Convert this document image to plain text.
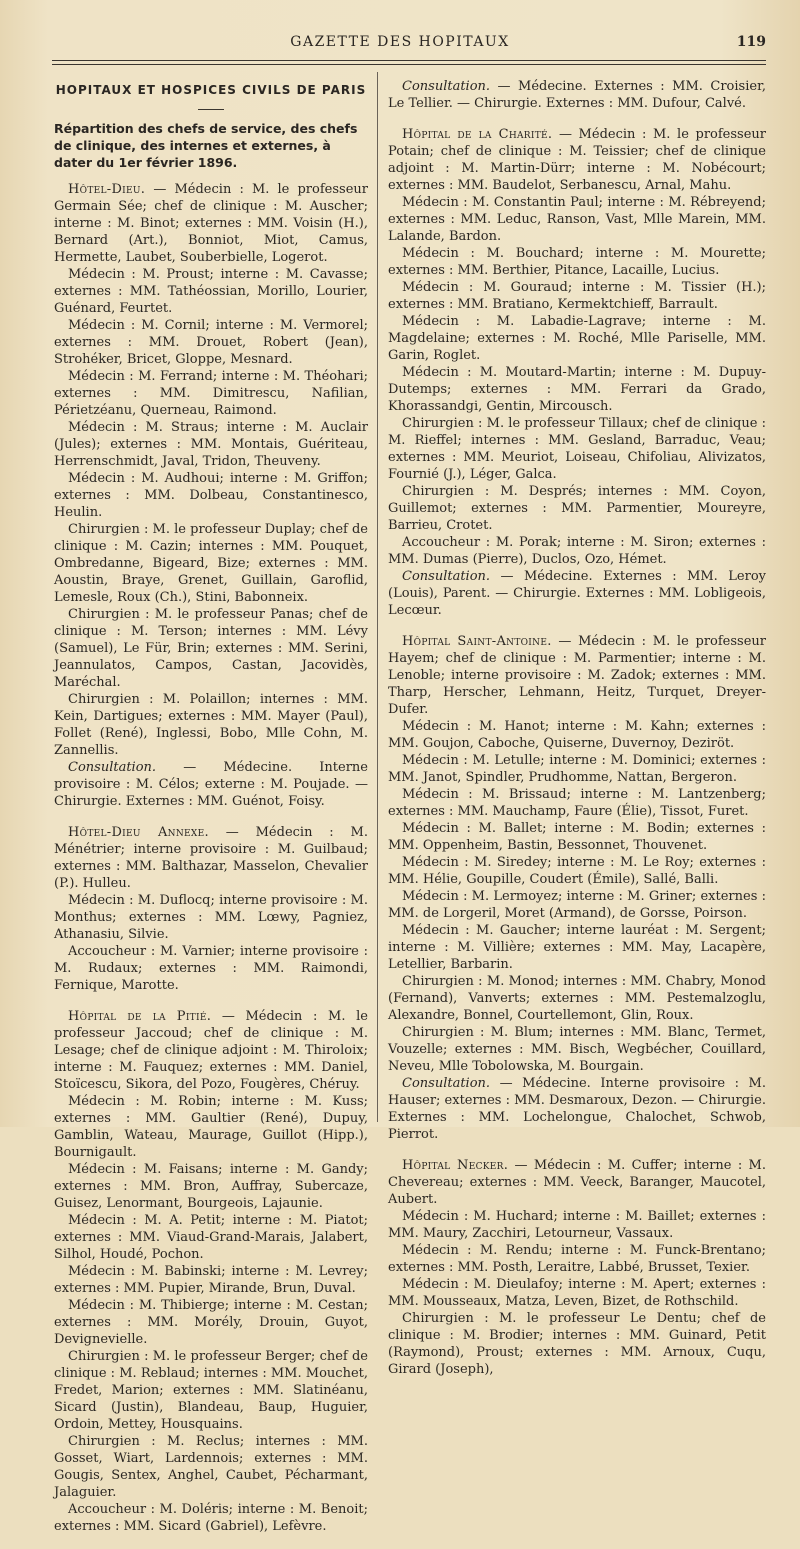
GAZETTE DES HOPITAUX	119
HOPITAUX ET HOSPICES CIVILS DE PARIS
Répartition des chefs de service, des chefs de clinique, des internes et externes, à dater du 1er février 1896.

Hôtel-Dieu. — Médecin : M. le professeur Germain Sée; chef de clinique : M. Auscher; interne : M. Binot; externes : MM. Voisin (H.), Bernard (Art.), Bonniot, Miot, Camus, Hermette, Laubet, Souberbielle, Logerot.

Médecin : M. Proust; interne : M. Cavasse; externes : MM. Tathéossian, Morillo, Lourier, Guénard, Feurtet.

Médecin : M. Cornil; interne : M. Vermorel; externes : MM. Drouet, Robert (Jean), Strohéker, Bricet, Gloppe, Mesnard.

Médecin : M. Ferrand; interne : M. Théohari; externes : MM. Dimitrescu, Nafilian, Périetzéanu, Querneau, Raimond.

Médecin : M. Straus; interne : M. Auclair (Jules); externes : MM. Montais, Guériteau, Herrenschmidt, Javal, Tridon, Theuveny.

Médecin : M. Audhoui; interne : M. Griffon; externes : MM. Dolbeau, Constantinesco, Heulin.

Chirurgien : M. le professeur Duplay; chef de clinique : M. Cazin; internes : MM. Pouquet, Ombredanne, Bigeard, Bize; externes : MM. Aoustin, Braye, Grenet, Guillain, Garoflid, Lemesle, Roux (Ch.), Stini, Babonneix.

Chirurgien : M. le professeur Panas; chef de clinique : M. Terson; internes : MM. Lévy (Samuel), Le Für, Brin; externes : MM. Serini, Jeannulatos, Campos, Castan, Jacovidès, Maréchal.

Chirurgien : M. Polaillon; internes : MM. Kein, Dartigues; externes : MM. Mayer (Paul), Follet (René), Inglessi, Bobo, Mlle Cohn, M. Zannellis.

Consultation. — Médecine. Interne provisoire : M. Célos; externe : M. Poujade. — Chirurgie. Externes : MM. Guénot, Foisy.

Hôtel-Dieu Annexe. — Médecin : M. Ménétrier; interne provisoire : M. Guilbaud; externes : MM. Balthazar, Masselon, Chevalier (P.). Hulleu.

Médecin : M. Duflocq; interne provisoire : M. Monthus; externes : MM. Lœwy, Pagniez, Athanasiu, Silvie.

Accoucheur : M. Varnier; interne provisoire : M. Rudaux; externes : MM. Raimondi, Fernique, Marotte.

Hôpital de la Pitié. — Médecin : M. le professeur Jaccoud; chef de clinique : M. Lesage; chef de clinique adjoint : M. Thiroloix; interne : M. Fauquez; externes : MM. Daniel, Stoïcescu, Sikora, del Pozo, Fougères, Chéruy.

Médecin : M. Robin; interne : M. Kuss; externes : MM. Gaultier (René), Dupuy, Gamblin, Wateau, Maurage, Guillot (Hipp.), Bournigault.

Médecin : M. Faisans; interne : M. Gandy; externes : MM. Bron, Auffray, Subercaze, Guisez, Lenormant, Bourgeois, Lajaunie.

Médecin : M. A. Petit; interne : M. Piatot; externes : MM. Viaud-Grand-Marais, Jalabert, Silhol, Houdé, Pochon.

Médecin : M. Babinski; interne : M. Levrey; externes : MM. Pupier, Mirande, Brun, Duval.

Médecin : M. Thibierge; interne : M. Cestan; externes : MM. Morély, Drouin, Guyot, Devignevielle.

Chirurgien : M. le professeur Berger; chef de clinique : M. Reblaud; internes : MM. Mouchet, Fredet, Marion; externes : MM. Slatinéanu, Sicard (Justin), Blandeau, Baup, Huguier, Ordoin, Mettey, Housquains.

Chirurgien : M. Reclus; internes : MM. Gosset, Wiart, Lardennois; externes : MM. Gougis, Sentex, Anghel, Caubet, Pécharmant, Jalaguier.

Accoucheur : M. Doléris; interne : M. Benoit; externes : MM. Sicard (Gabriel), Lefèvre.

Consultation. — Médecine. Externes : MM. Croisier, Le Tellier. — Chirurgie. Externes : MM. Dufour, Calvé.

Hôpital de la Charité. — Médecin : M. le professeur Potain; chef de clinique : M. Teissier; chef de clinique adjoint : M. Martin-Dürr; interne : M. Nobécourt; externes : MM. Baudelot, Serbanescu, Arnal, Mahu.

Médecin : M. Constantin Paul; interne : M. Rébreyend; externes : MM. Leduc, Ranson, Vast, Mlle Marein, MM. Lalande, Bardon.

Médecin : M. Bouchard; interne : M. Mourette; externes : MM. Berthier, Pitance, Lacaille, Lucius.

Médecin : M. Gouraud; interne : M. Tissier (H.); externes : MM. Bratiano, Kermektchieff, Barrault.

Médecin : M. Labadie-Lagrave; interne : M. Magdelaine; externes : M. Roché, Mlle Pariselle, MM. Garin, Roglet.

Médecin : M. Moutard-Martin; interne : M. Dupuy-Dutemps; externes : MM. Ferrari da Grado, Khorassandgi, Gentin, Mircousch.

Chirurgien : M. le professeur Tillaux; chef de clinique : M. Rieffel; internes : MM. Gesland, Barraduc, Veau; externes : MM. Meuriot, Loiseau, Chifoliau, Alivizatos, Fournié (J.), Léger, Galca.

Chirurgien : M. Després; internes : MM. Coyon, Guillemot; externes : MM. Parmentier, Moureyre, Barrieu, Crotet.

Accoucheur : M. Porak; interne : M. Siron; externes : MM. Dumas (Pierre), Duclos, Ozo, Hémet.

Consultation. — Médecine. Externes : MM. Leroy (Louis), Parent. — Chirurgie. Externes : MM. Lobligeois, Lecœur.

Hôpital Saint-Antoine. — Médecin : M. le professeur Hayem; chef de clinique : M. Parmentier; interne : M. Lenoble; interne provisoire : M. Zadok; externes : MM. Tharp, Herscher, Lehmann, Heitz, Turquet, Dreyer-Dufer.

Médecin : M. Hanot; interne : M. Kahn; externes : MM. Goujon, Caboche, Quiserne, Duvernoy, Deziröt.

Médecin : M. Letulle; interne : M. Dominici; externes : MM. Janot, Spindler, Prudhomme, Nattan, Bergeron.

Médecin : M. Brissaud; interne : M. Lantzenberg; externes : MM. Mauchamp, Faure (Élie), Tissot, Furet.

Médecin : M. Ballet; interne : M. Bodin; externes : MM. Oppenheim, Bastin, Bessonnet, Thouvenet.

Médecin : M. Siredey; interne : M. Le Roy; externes : MM. Hélie, Goupille, Coudert (Émile), Sallé, Balli.

Médecin : M. Lermoyez; interne : M. Griner; externes : MM. de Lorgeril, Moret (Armand), de Gorsse, Poirson.

Médecin : M. Gaucher; interne lauréat : M. Sergent; interne : M. Villière; externes : MM. May, Lacapère, Letellier, Barbarin.

Chirurgien : M. Monod; internes : MM. Chabry, Monod (Fernand), Vanverts; externes : MM. Pestemalzoglu, Alexandre, Bonnel, Courtellemont, Glin, Roux.

Chirurgien : M. Blum; internes : MM. Blanc, Termet, Vouzelle; externes : MM. Bisch, Wegbécher, Couillard, Neveu, Mlle Tobolowska, M. Bourgain.

Consultation. — Médecine. Interne provisoire : M. Hauser; externes : MM. Desmaroux, Dezon. — Chirurgie. Externes : MM. Lochelongue, Chalochet, Schwob, Pierrot.

Hôpital Necker. — Médecin : M. Cuffer; interne : M. Chevereau; externes : MM. Veeck, Baranger, Maucotel, Aubert.

Médecin : M. Huchard; interne : M. Baillet; externes : MM. Maury, Zacchiri, Letourneur, Vassaux.

Médecin : M. Rendu; interne : M. Funck-Brentano; externes : MM. Posth, Leraitre, Labbé, Brusset, Texier.

Médecin : M. Dieulafoy; interne : M. Apert; externes : MM. Mousseaux, Matza, Leven, Bizet, de Rothschild.

Chirurgien : M. le professeur Le Dentu; chef de clinique : M. Brodier; internes : MM. Guinard, Petit (Raymond), Proust; externes : MM. Arnoux, Cuqu, Girard (Joseph),
